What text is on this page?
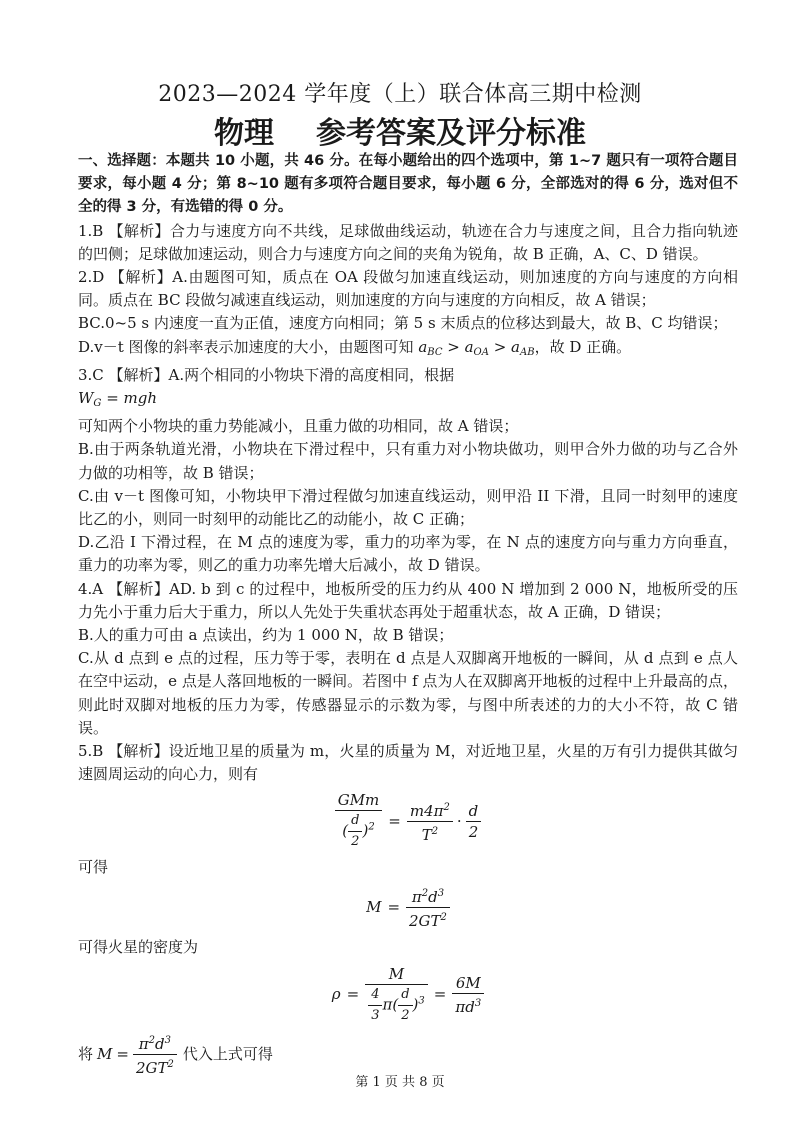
2023—2024 学年度（上）联合体高三期中检测
物理 参考答案及评分标准

一、选择题：本题共 10 小题，共 46 分。在每小题给出的四个选项中，第 1~7 题只有一项符合题目要求，每小题 4 分；第 8~10 题有多项符合题目要求，每小题 6 分，全部选对的得 6 分，选对但不全的得 3 分，有选错的得 0 分。

1.B 【解析】合力与速度方向不共线，足球做曲线运动，轨迹在合力与速度之间，且合力指向轨迹的凹侧；足球做加速运动，则合力与速度方向之间的夹角为锐角，故 B 正确，A、C、D 错误。

2.D 【解析】A.由题图可知，质点在 OA 段做匀加速直线运动，则加速度的方向与速度的方向相同。质点在 BC 段做匀减速直线运动，则加速度的方向与速度的方向相反，故 A 错误；

BC.0~5 s 内速度一直为正值，速度方向相同；第 5 s 末质点的位移达到最大，故 B、C 均错误；

D.v－t 图像的斜率表示加速度的大小，由题图可知 $a_{BC} > a_{OA} > a_{AB}$，故 D 正确。

3.C 【解析】A.两个相同的小物块下滑的高度相同，根据

$W_G$ = mgh

可知两个小物块的重力势能减小，且重力做的功相同，故 A 错误；

B.由于两条轨道光滑，小物块在下滑过程中，只有重力对小物块做功，则甲合外力做的功与乙合外力做的功相等，故 B 错误；

C.由 v－t 图像可知，小物块甲下滑过程做匀加速直线运动，则甲沿 II 下滑，且同一时刻甲的速度比乙的小，则同一时刻甲的动能比乙的动能小，故 C 正确；

D.乙沿 I 下滑过程，在 M 点的速度为零，重力的功率为零，在 N 点的速度方向与重力方向垂直，重力的功率为零，则乙的重力功率先增大后减小，故 D 错误。

4.A 【解析】AD. b 到 c 的过程中，地板所受的压力约从 400 N 增加到 2 000 N，地板所受的压力先小于重力后大于重力，所以人先处于失重状态再处于超重状态，故 A 正确，D 错误；

B.人的重力可由 a 点读出，约为 1 000 N，故 B 错误；

C.从 d 点到 e 点的过程，压力等于零，表明在 d 点是人双脚离开地板的一瞬间，从 d 点到 e 点人在空中运动，e 点是人落回地板的一瞬间。若图中 f 点为人在双脚离开地板的过程中上升最高的点，则此时双脚对地板的压力为零，传感器显示的示数为零，与图中所表述的力的大小不符，故 C 错误。

5.B 【解析】设近地卫星的质量为 m，火星的质量为 M，对近地卫星，火星的万有引力提供其做匀速圆周运动的向心力，则有

$\frac{\text{GMm}}{( \frac{d}{2} )^2} = \frac{m4\pi^2}{T^2} \cdot \frac{d}{2}$

可得

$M = \frac{\pi^2d^3}{2GT^2}$

可得火星的密度为

$\rho = \frac{M}{\frac{4}{3} \pi( \frac{d}{2} )^3} = \frac{6M}{\pi d^3}$

将 $M = \frac{\pi^2d^3}{2GT^2}$ 代入上式可得

第 1 页 共 8 页
